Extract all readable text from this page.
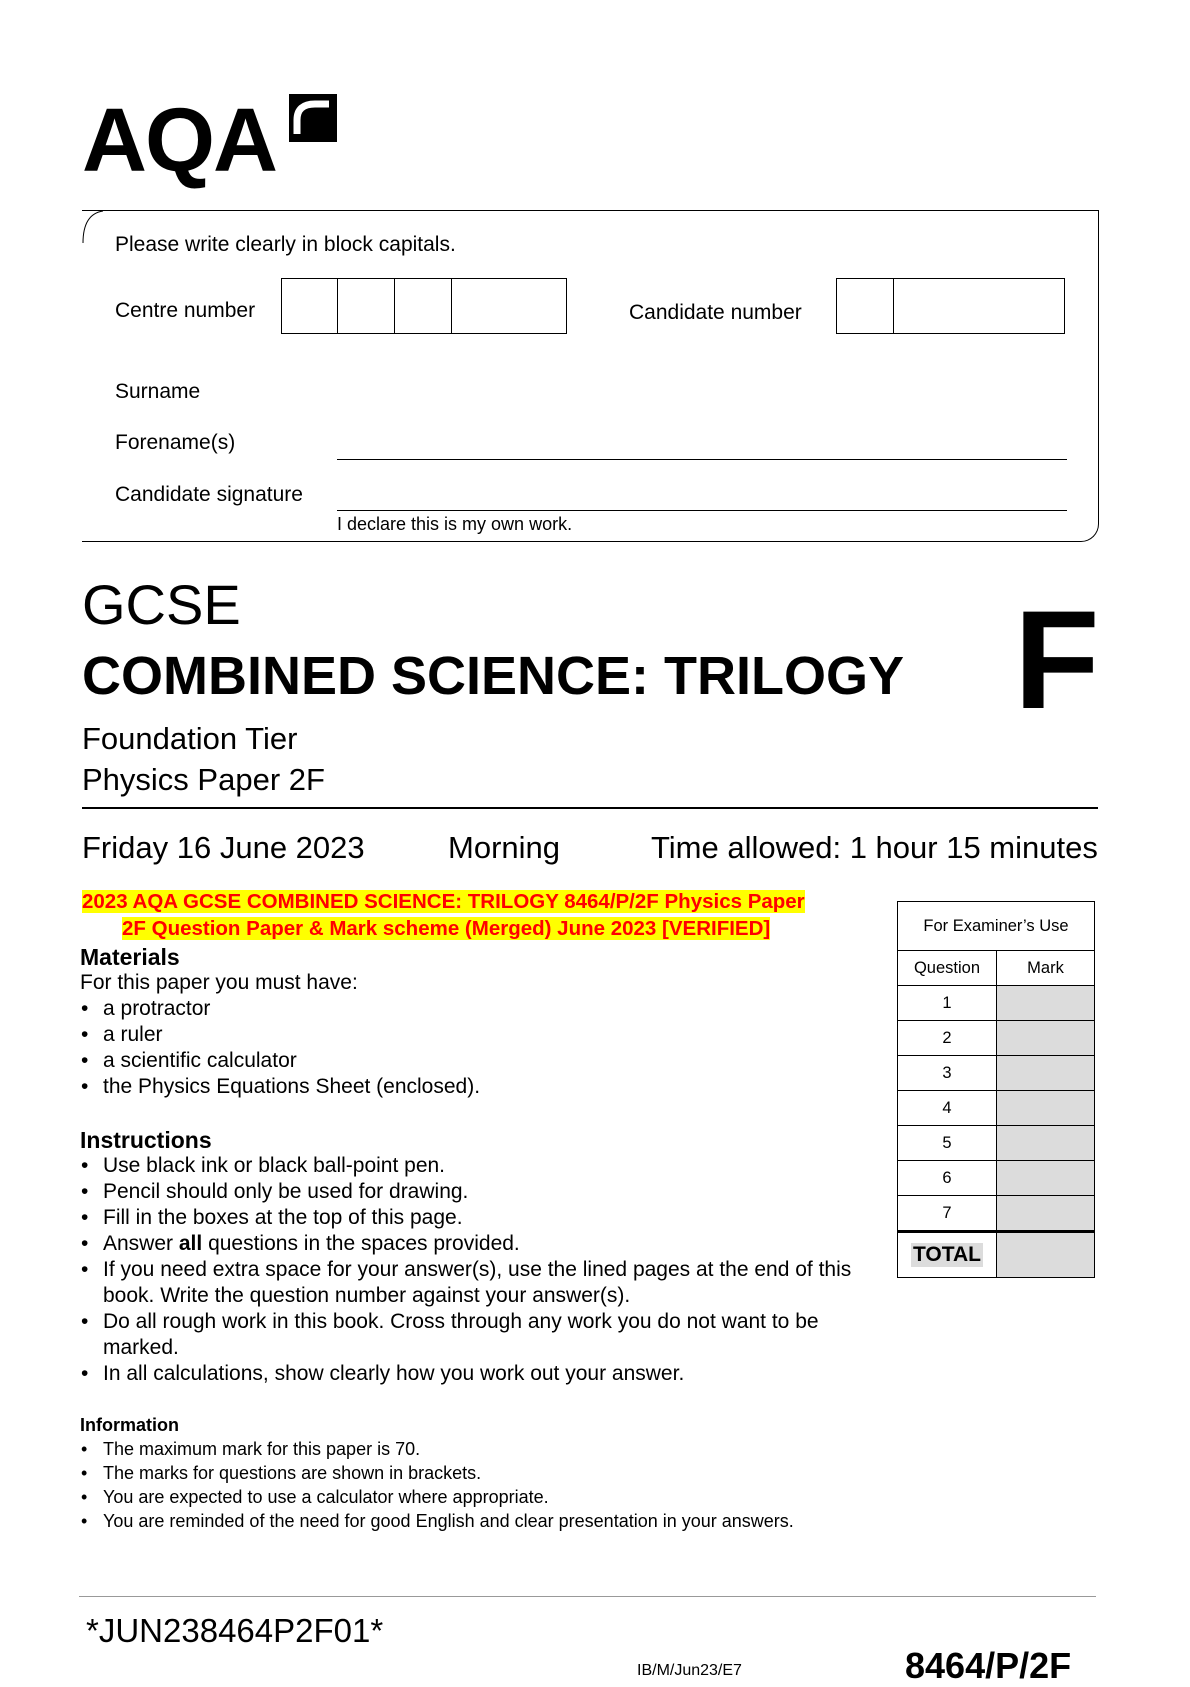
AQA
Please write clearly in block capitals.
Centre number	Candidate number
Surname
Forename(s)
Candidate signature
I declare this is my own work.
GCSE
COMBINED SCIENCE: TRILOGY F
Foundation Tier
Physics Paper 2F
Friday 16 June 2023	Morning	Time allowed: 1 hour 15 minutes
2023 AQA GCSE COMBINED SCIENCE: TRILOGY 8464/P/2F Physics Paper
2F Question Paper & Mark scheme (Merged) June 2023 [VERIFIED]
Materials
For this paper you must have:
• a protractor
• a ruler
• a scientific calculator
• the Physics Equations Sheet (enclosed).
Instructions
• Use black ink or black ball-point pen.
• Pencil should only be used for drawing.
• Fill in the boxes at the top of this page.
• Answer all questions in the spaces provided.
• If you need extra space for your answer(s), use the lined pages at the end of this book. Write the question number against your answer(s).
• Do all rough work in this book. Cross through any work you do not want to be marked.
• In all calculations, show clearly how you work out your answer.
Information
• The maximum mark for this paper is 70.
• The marks for questions are shown in brackets.
• You are expected to use a calculator where appropriate.
• You are reminded of the need for good English and clear presentation in your answers.
For Examiner’s Use
Question	Mark
1
2
3
4
5
6
7
TOTAL
*JUN238464P2F01*
IB/M/Jun23/E7	8464/P/2F
